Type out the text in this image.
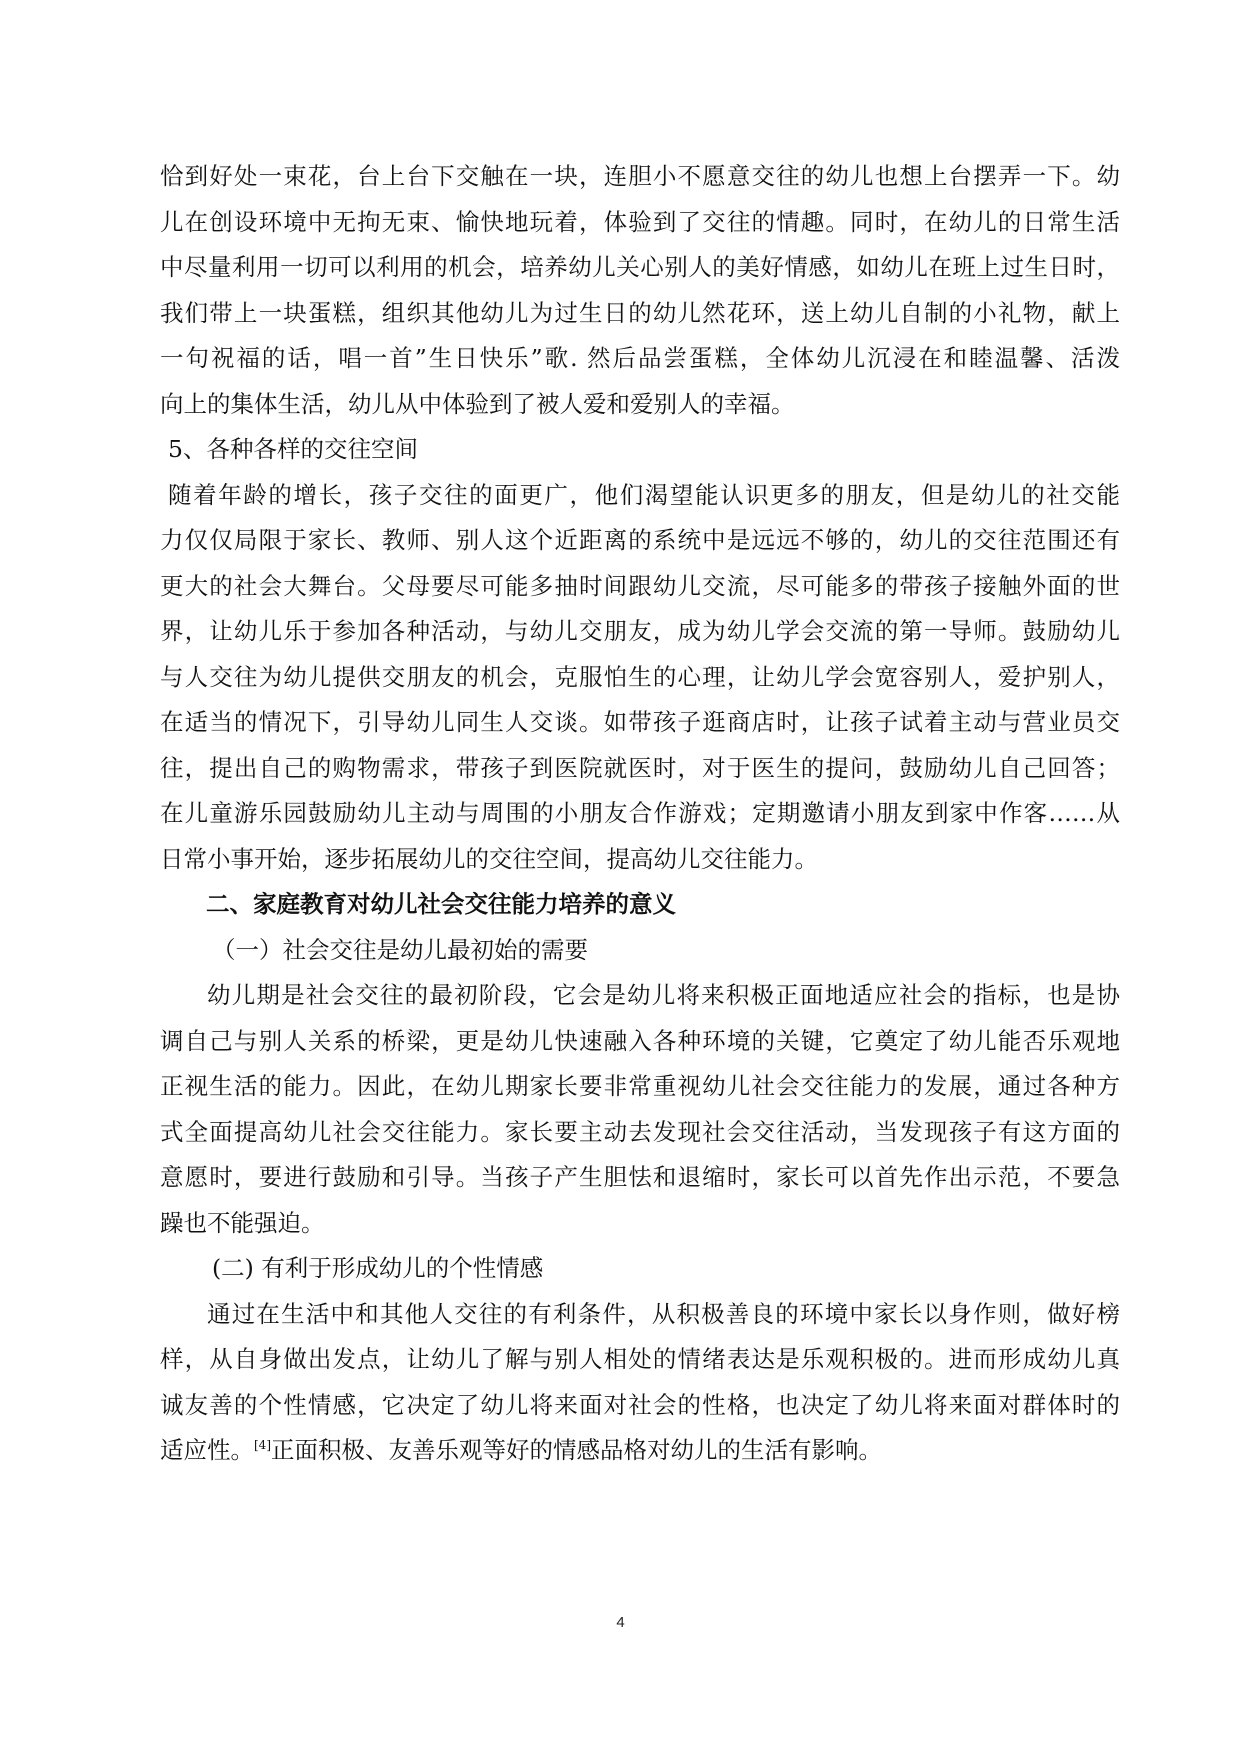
恰到好处一束花，台上台下交触在一块，连胆小不愿意交往的幼儿也想上台摆弄一下。幼
儿在创设环境中无拘无束、愉快地玩着，体验到了交往的情趣。同时，在幼儿的日常生活
中尽量利用一切可以利用的机会，培养幼儿关心别人的美好情感，如幼儿在班上过生日时，
我们带上一块蛋糕，组织其他幼儿为过生日的幼儿然花环，送上幼儿自制的小礼物，献上
一句祝福的话，唱一首”生日快乐”歌. 然后品尝蛋糕，全体幼儿沉浸在和睦温馨、活泼
向上的集体生活，幼儿从中体验到了被人爱和爱别人的幸福。
5、各种各样的交往空间
随着年龄的增长，孩子交往的面更广，他们渴望能认识更多的朋友，但是幼儿的社交能
力仅仅局限于家长、教师、别人这个近距离的系统中是远远不够的，幼儿的交往范围还有
更大的社会大舞台。父母要尽可能多抽时间跟幼儿交流，尽可能多的带孩子接触外面的世
界，让幼儿乐于参加各种活动，与幼儿交朋友，成为幼儿学会交流的第一导师。鼓励幼儿
与人交往为幼儿提供交朋友的机会，克服怕生的心理，让幼儿学会宽容别人，爱护别人，
在适当的情况下，引导幼儿同生人交谈。如带孩子逛商店时，让孩子试着主动与营业员交
往，提出自己的购物需求，带孩子到医院就医时，对于医生的提问，鼓励幼儿自己回答；
在儿童游乐园鼓励幼儿主动与周围的小朋友合作游戏；定期邀请小朋友到家中作客……从
日常小事开始，逐步拓展幼儿的交往空间，提高幼儿交往能力。
二、家庭教育对幼儿社会交往能力培养的意义
（一）社会交往是幼儿最初始的需要
幼儿期是社会交往的最初阶段，它会是幼儿将来积极正面地适应社会的指标，也是协
调自己与别人关系的桥梁，更是幼儿快速融入各种环境的关键，它奠定了幼儿能否乐观地
正视生活的能力。因此，在幼儿期家长要非常重视幼儿社会交往能力的发展，通过各种方
式全面提高幼儿社会交往能力。家长要主动去发现社会交往活动，当发现孩子有这方面的
意愿时，要进行鼓励和引导。当孩子产生胆怯和退缩时，家长可以首先作出示范，不要急
躁也不能强迫。
(二) 有利于形成幼儿的个性情感
通过在生活中和其他人交往的有利条件，从积极善良的环境中家长以身作则，做好榜
样，从自身做出发点，让幼儿了解与别人相处的情绪表达是乐观积极的。进而形成幼儿真
诚友善的个性情感，它决定了幼儿将来面对社会的性格，也决定了幼儿将来面对群体时的
适应性。[4]正面积极、友善乐观等好的情感品格对幼儿的生活有影响。
4
